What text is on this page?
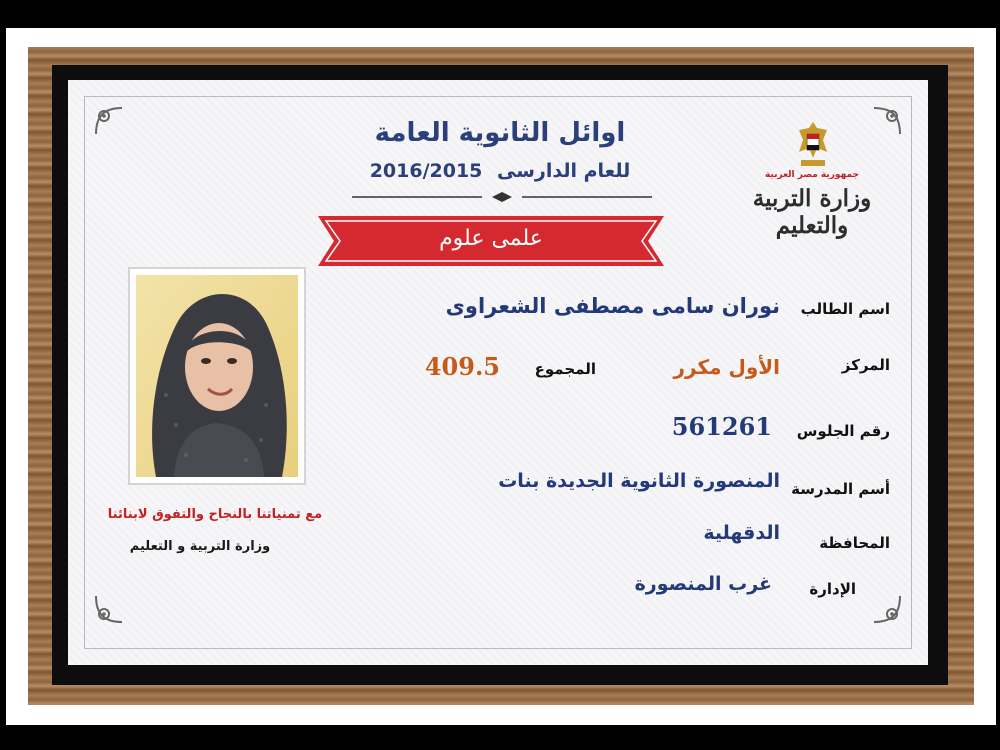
اوائل الثانوية العامة
للعام الدارسى 2016/2015	جمهورية مصر العربية
وزارة التربية والتعليم
علمى علوم
مع تمنياتنا بالنجاح والتفوق لابنائنا
وزارة التربية و التعليم
اسم الطالب
المركز
رقم الجلوس
أسم المدرسة
المحافظة
الإدارة
نوران سامى مصطفى الشعراوى
الأول مكرر
المجموع
409.5
561261
المنصورة الثانوية الجديدة بنات
الدقهلية
غرب المنصورة
